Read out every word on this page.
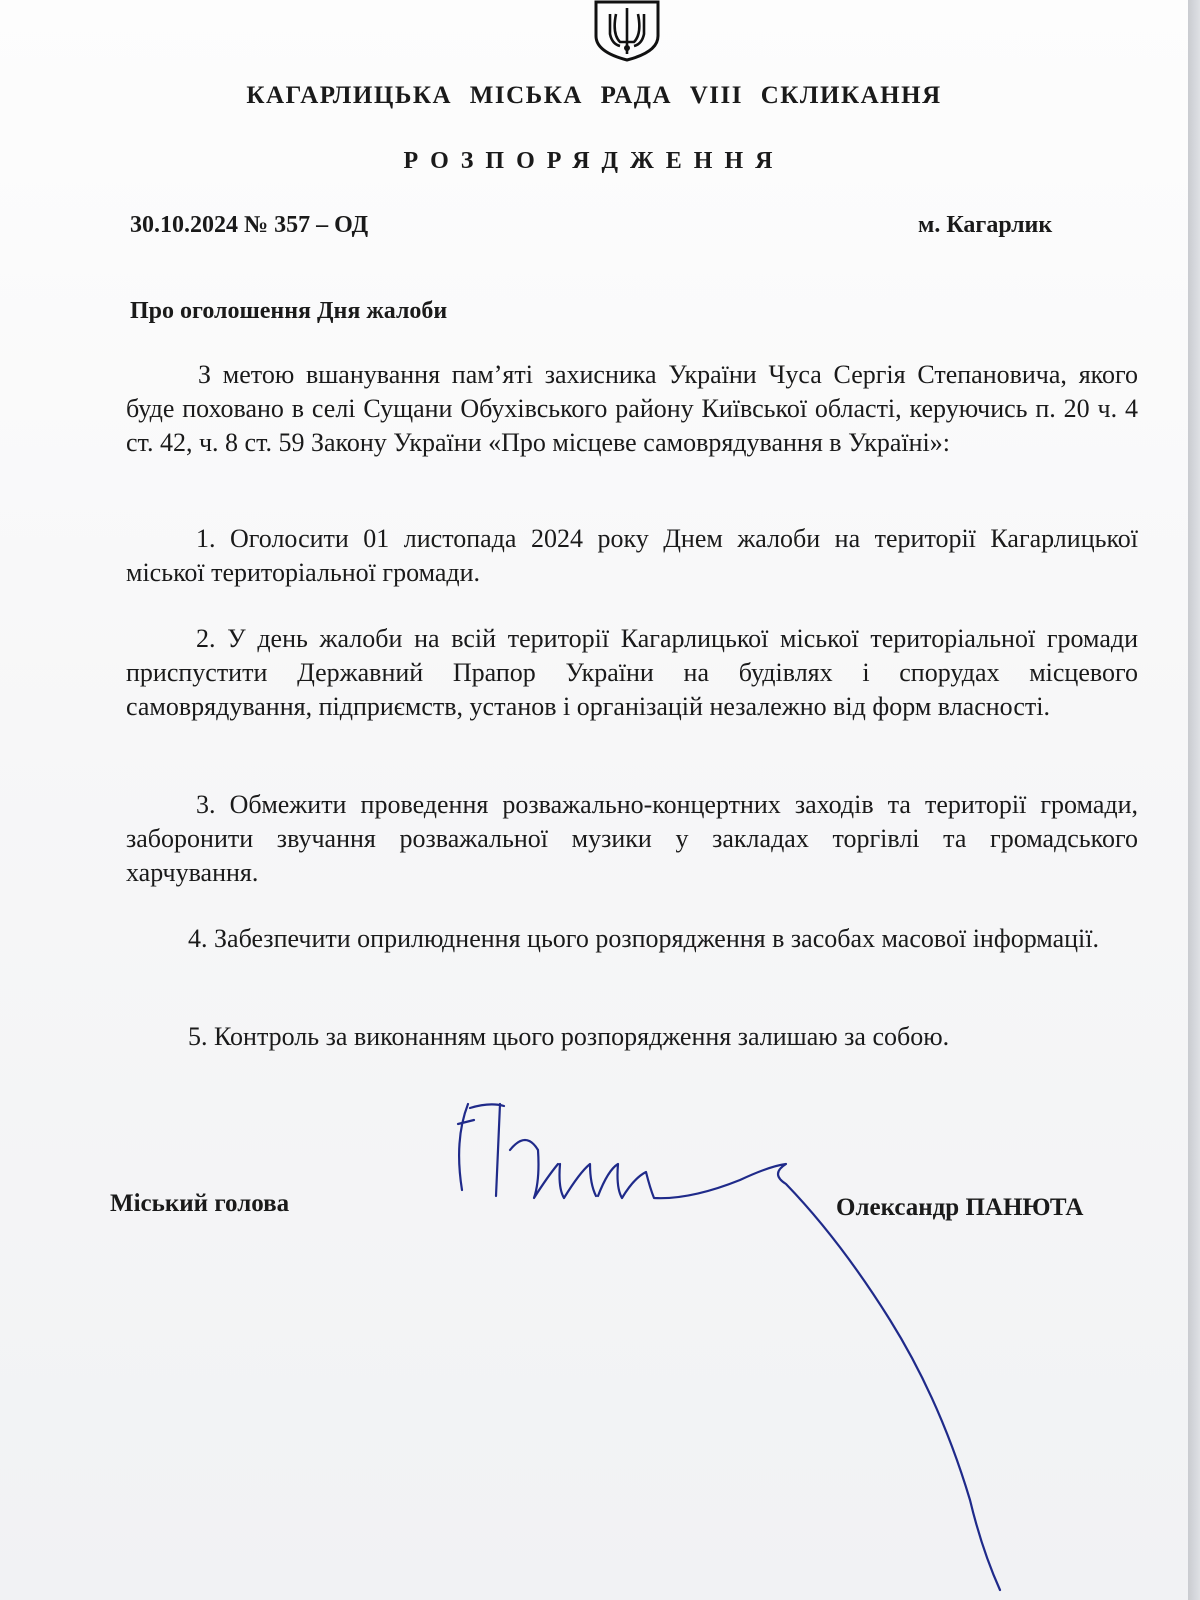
КАГАРЛИЦЬКА МІСЬКА РАДА VIII СКЛИКАННЯ
РОЗПОРЯДЖЕННЯ
30.10.2024 № 357 – ОД	м. Кагарлик
Про оголошення Дня жалоби
З метою вшанування пам’яті захисника України Чуса Сергія Степановича, якого буде поховано в селі Сущани Обухівського району Київської області, керуючись п. 20 ч. 4 ст. 42, ч. 8 ст. 59 Закону України «Про місцеве самоврядування в Україні»:
1. Оголосити 01 листопада 2024 року Днем жалоби на території Кагарлицької міської територіальної громади.
2. У день жалоби на всій території Кагарлицької міської територіальної громади приспустити Державний Прапор України на будівлях і спорудах місцевого самоврядування, підприємств, установ і організацій незалежно від форм власності.
3. Обмежити проведення розважально-концертних заходів та території громади, заборонити звучання розважальної музики у закладах торгівлі та громадського харчування.
4. Забезпечити оприлюднення цього розпорядження в засобах масової інформації.
5. Контроль за виконанням цього розпорядження залишаю за собою.
Міський голова	Олександр ПАНЮТА
